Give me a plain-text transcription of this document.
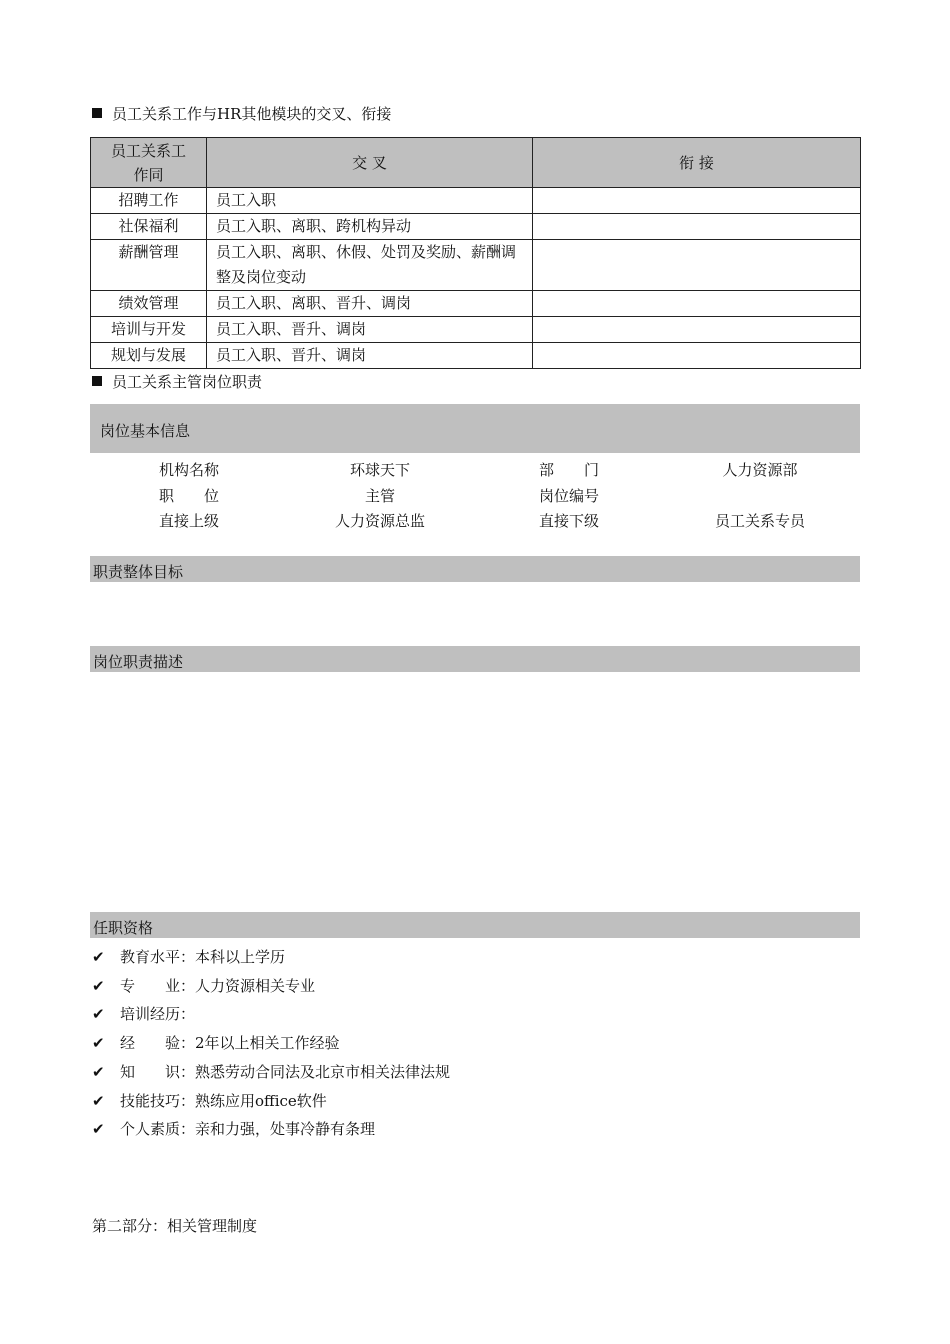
员工关系工作与HR其他模块的交叉、衔接
员工关系工
作同	交 叉	衔 接
招聘工作	员工入职	
社保福利	员工入职、离职、跨机构异动	
薪酬管理	员工入职、离职、休假、处罚及奖励、薪酬调整及岗位变动	
绩效管理	员工入职、离职、晋升、调岗	
培训与开发	员工入职、晋升、调岗	
规划与发展	员工入职、晋升、调岗	
员工关系主管岗位职责
岗位基本信息
机构名称	环球天下	部　　门	人力资源部
职　　位	主管	岗位编号
直接上级	人力资源总监	直接下级	员工关系专员
职责整体目标
岗位职责描述
任职资格
✔ 教育水平：本科以上学历
✔ 专　　业：人力资源相关专业
✔ 培训经历：
✔ 经　　验：2年以上相关工作经验
✔ 知　　识：熟悉劳动合同法及北京市相关法律法规
✔ 技能技巧：熟练应用office软件
✔ 个人素质：亲和力强，处事冷静有条理
第二部分：相关管理制度
